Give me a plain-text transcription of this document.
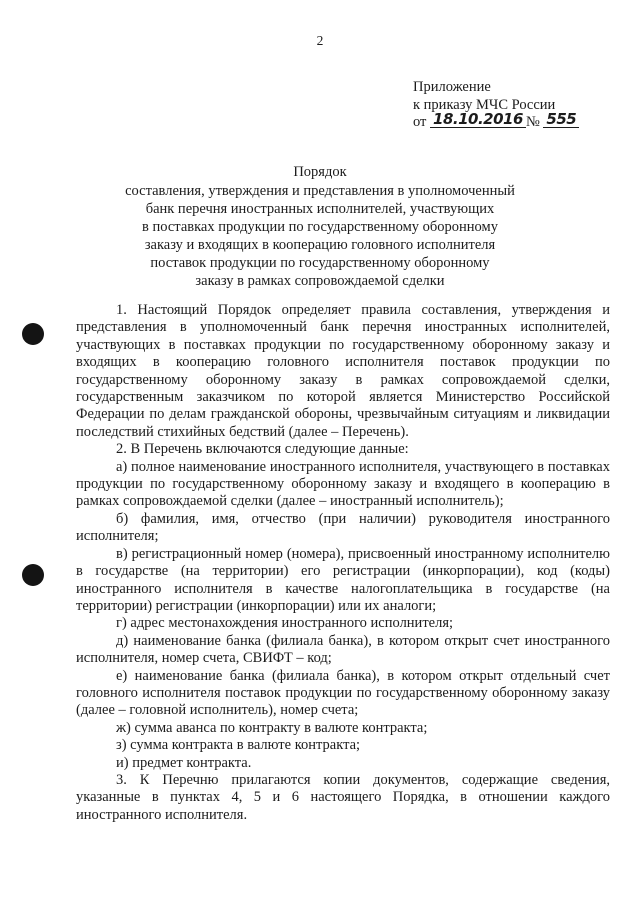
2
Приложение
к приказу МЧС России
от 18.10.2016 № 555
Порядок
составления, утверждения и представления в уполномоченный
банк перечня иностранных исполнителей, участвующих
в поставках продукции по государственному оборонному
заказу и входящих в кооперацию головного исполнителя
поставок продукции по государственному оборонному
заказу в рамках сопровождаемой сделки

1. Настоящий Порядок определяет правила составления, утверждения и представления в уполномоченный банк перечня иностранных исполнителей, участвующих в поставках продукции по государственному оборонному заказу и входящих в кооперацию головного исполнителя поставок продукции по государственному оборонному заказу в рамках сопровождаемой сделки, государственным заказчиком по которой является Министерство Российской Федерации по делам гражданской обороны, чрезвычайным ситуациям и ликвидации последствий стихийных бедствий (далее – Перечень).

2. В Перечень включаются следующие данные:

а) полное наименование иностранного исполнителя, участвующего в поставках продукции по государственному оборонному заказу и входящего в кооперацию в рамках сопровождаемой сделки (далее – иностранный исполнитель);

б) фамилия, имя, отчество (при наличии) руководителя иностранного исполнителя;

в) регистрационный номер (номера), присвоенный иностранному исполнителю в государстве (на территории) его регистрации (инкорпорации), код (коды) иностранного исполнителя в качестве налогоплательщика в государстве (на территории) регистрации (инкорпорации) или их аналоги;

г) адрес местонахождения иностранного исполнителя;

д) наименование банка (филиала банка), в котором открыт счет иностранного исполнителя, номер счета, СВИФТ – код;

е) наименование банка (филиала банка), в котором открыт отдельный счет головного исполнителя поставок продукции по государственному оборонному заказу (далее – головной исполнитель), номер счета;

ж) сумма аванса по контракту в валюте контракта;

з) сумма контракта в валюте контракта;

и) предмет контракта.

3. К Перечню прилагаются копии документов, содержащие сведения, указанные в пунктах 4, 5 и 6 настоящего Порядка, в отношении каждого иностранного исполнителя.
